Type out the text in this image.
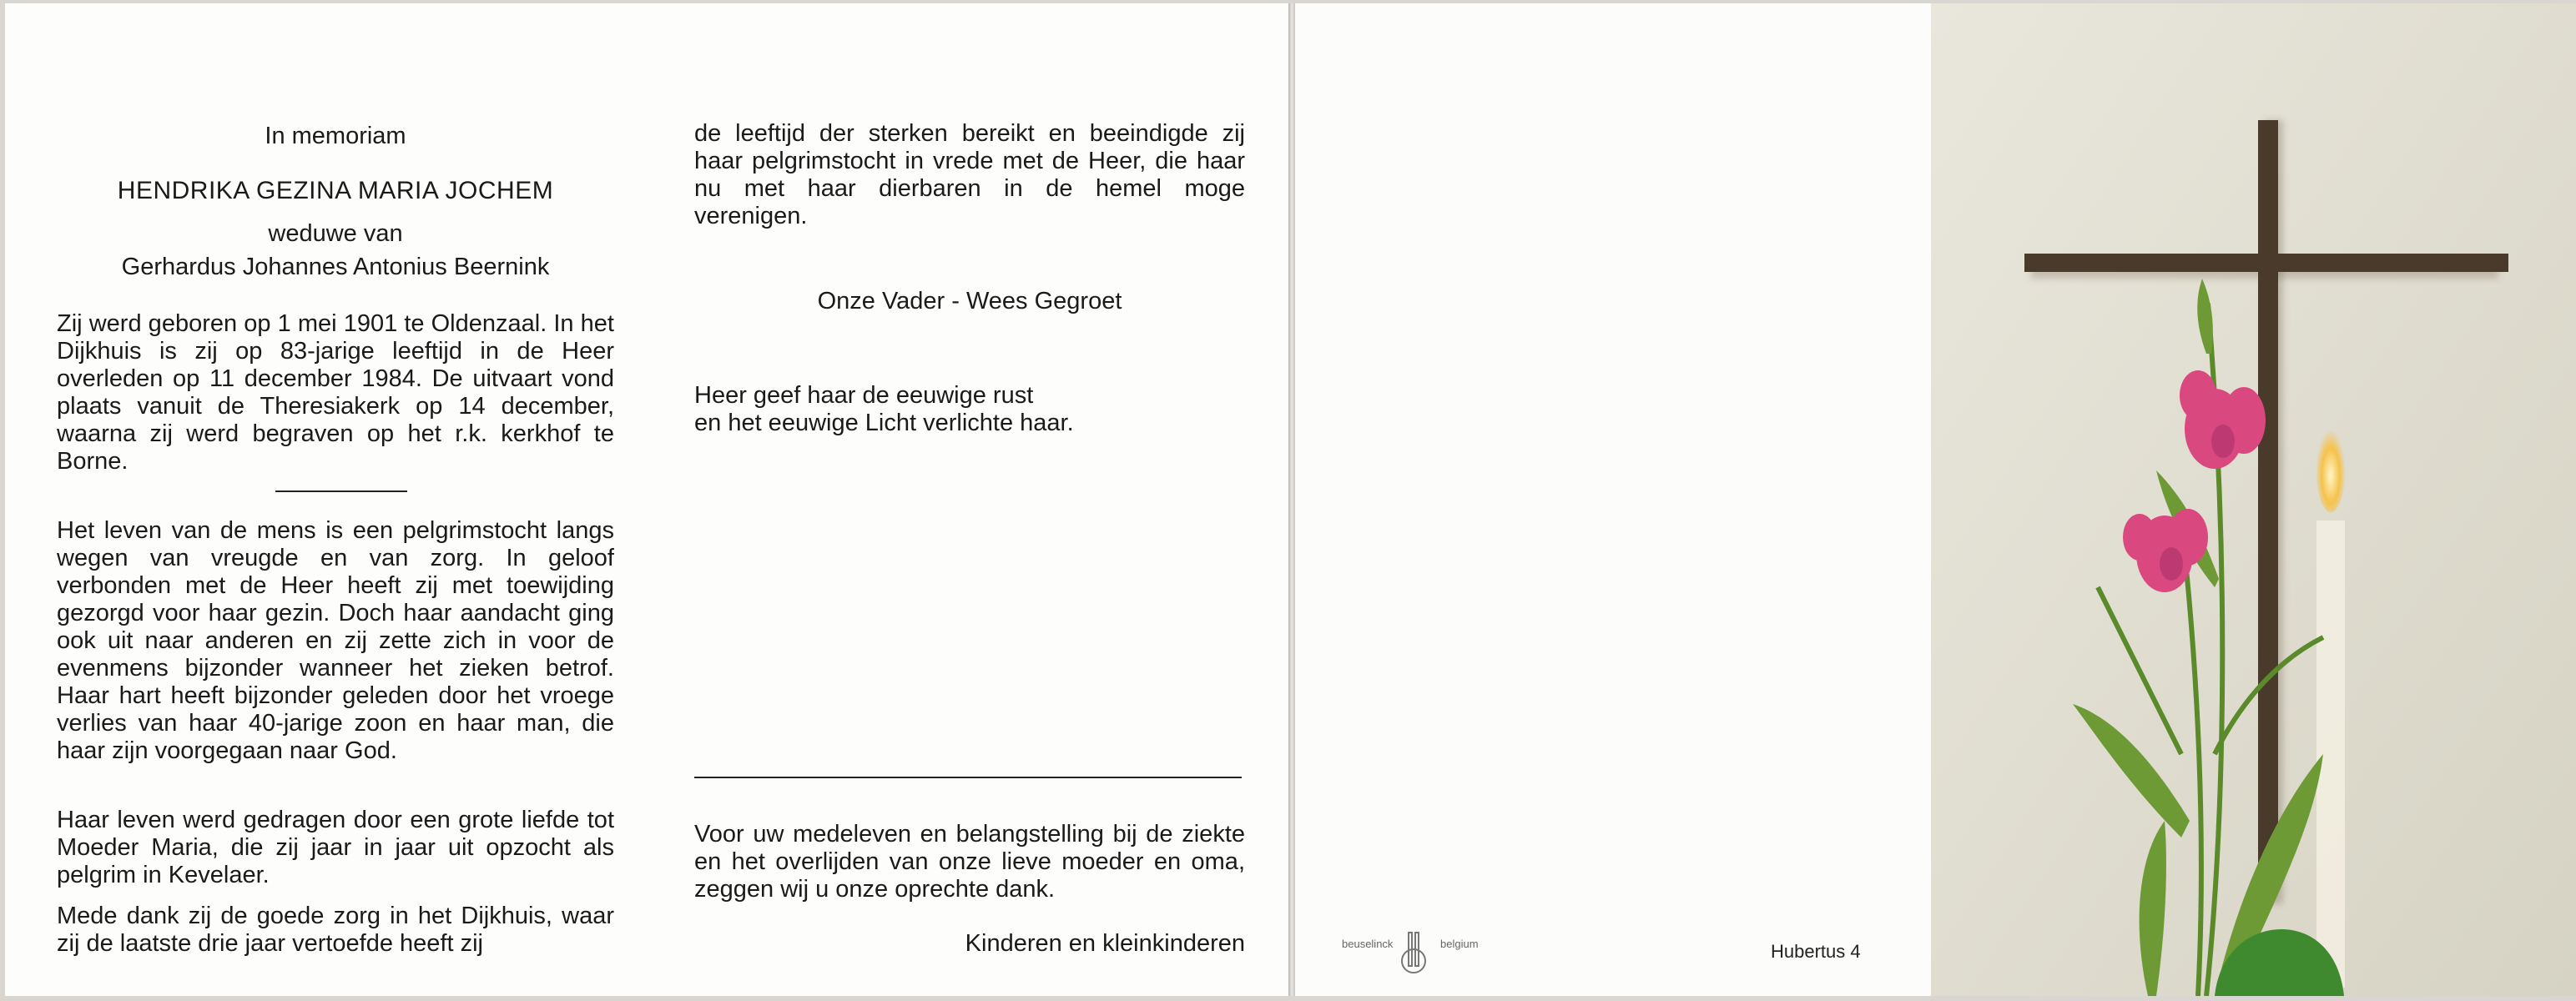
In memoriam
HENDRIKA GEZINA MARIA JOCHEM
weduwe van
Gerhardus Johannes Antonius Beernink
Zij werd geboren op 1 mei 1901 te Oldenzaal. In het Dijkhuis is zij op 83-jarige leeftijd in de Heer overleden op 11 december 1984. De uitvaart vond plaats vanuit de Theresiakerk op 14 december, waarna zij werd begraven op het r.k. kerkhof te Borne.
Het leven van de mens is een pelgrimstocht langs wegen van vreugde en van zorg. In geloof verbonden met de Heer heeft zij met toewijding gezorgd voor haar gezin. Doch haar aandacht ging ook uit naar anderen en zij zette zich in voor de evenmens bijzonder wanneer het zieken betrof. Haar hart heeft bijzonder geleden door het vroege verlies van haar 40-jarige zoon en haar man, die haar zijn voorgegaan naar God.
Haar leven werd gedragen door een grote liefde tot Moeder Maria, die zij jaar in jaar uit opzocht als pelgrim in Kevelaer.
Mede dank zij de goede zorg in het Dijkhuis, waar zij de laatste drie jaar vertoefde heeft zij
de leeftijd der sterken bereikt en beeindigde zij haar pelgrimstocht in vrede met de Heer, die haar nu met haar dierbaren in de hemel moge verenigen.
Onze Vader - Wees Gegroet
Heer geef haar de eeuwige rust
en het eeuwige Licht verlichte haar.
Voor uw medeleven en belangstelling bij de ziekte en het overlijden van onze lieve moeder en oma, zeggen wij u onze oprechte dank.
Kinderen en kleinkinderen	beuselinck	belgium	Hubertus 4
